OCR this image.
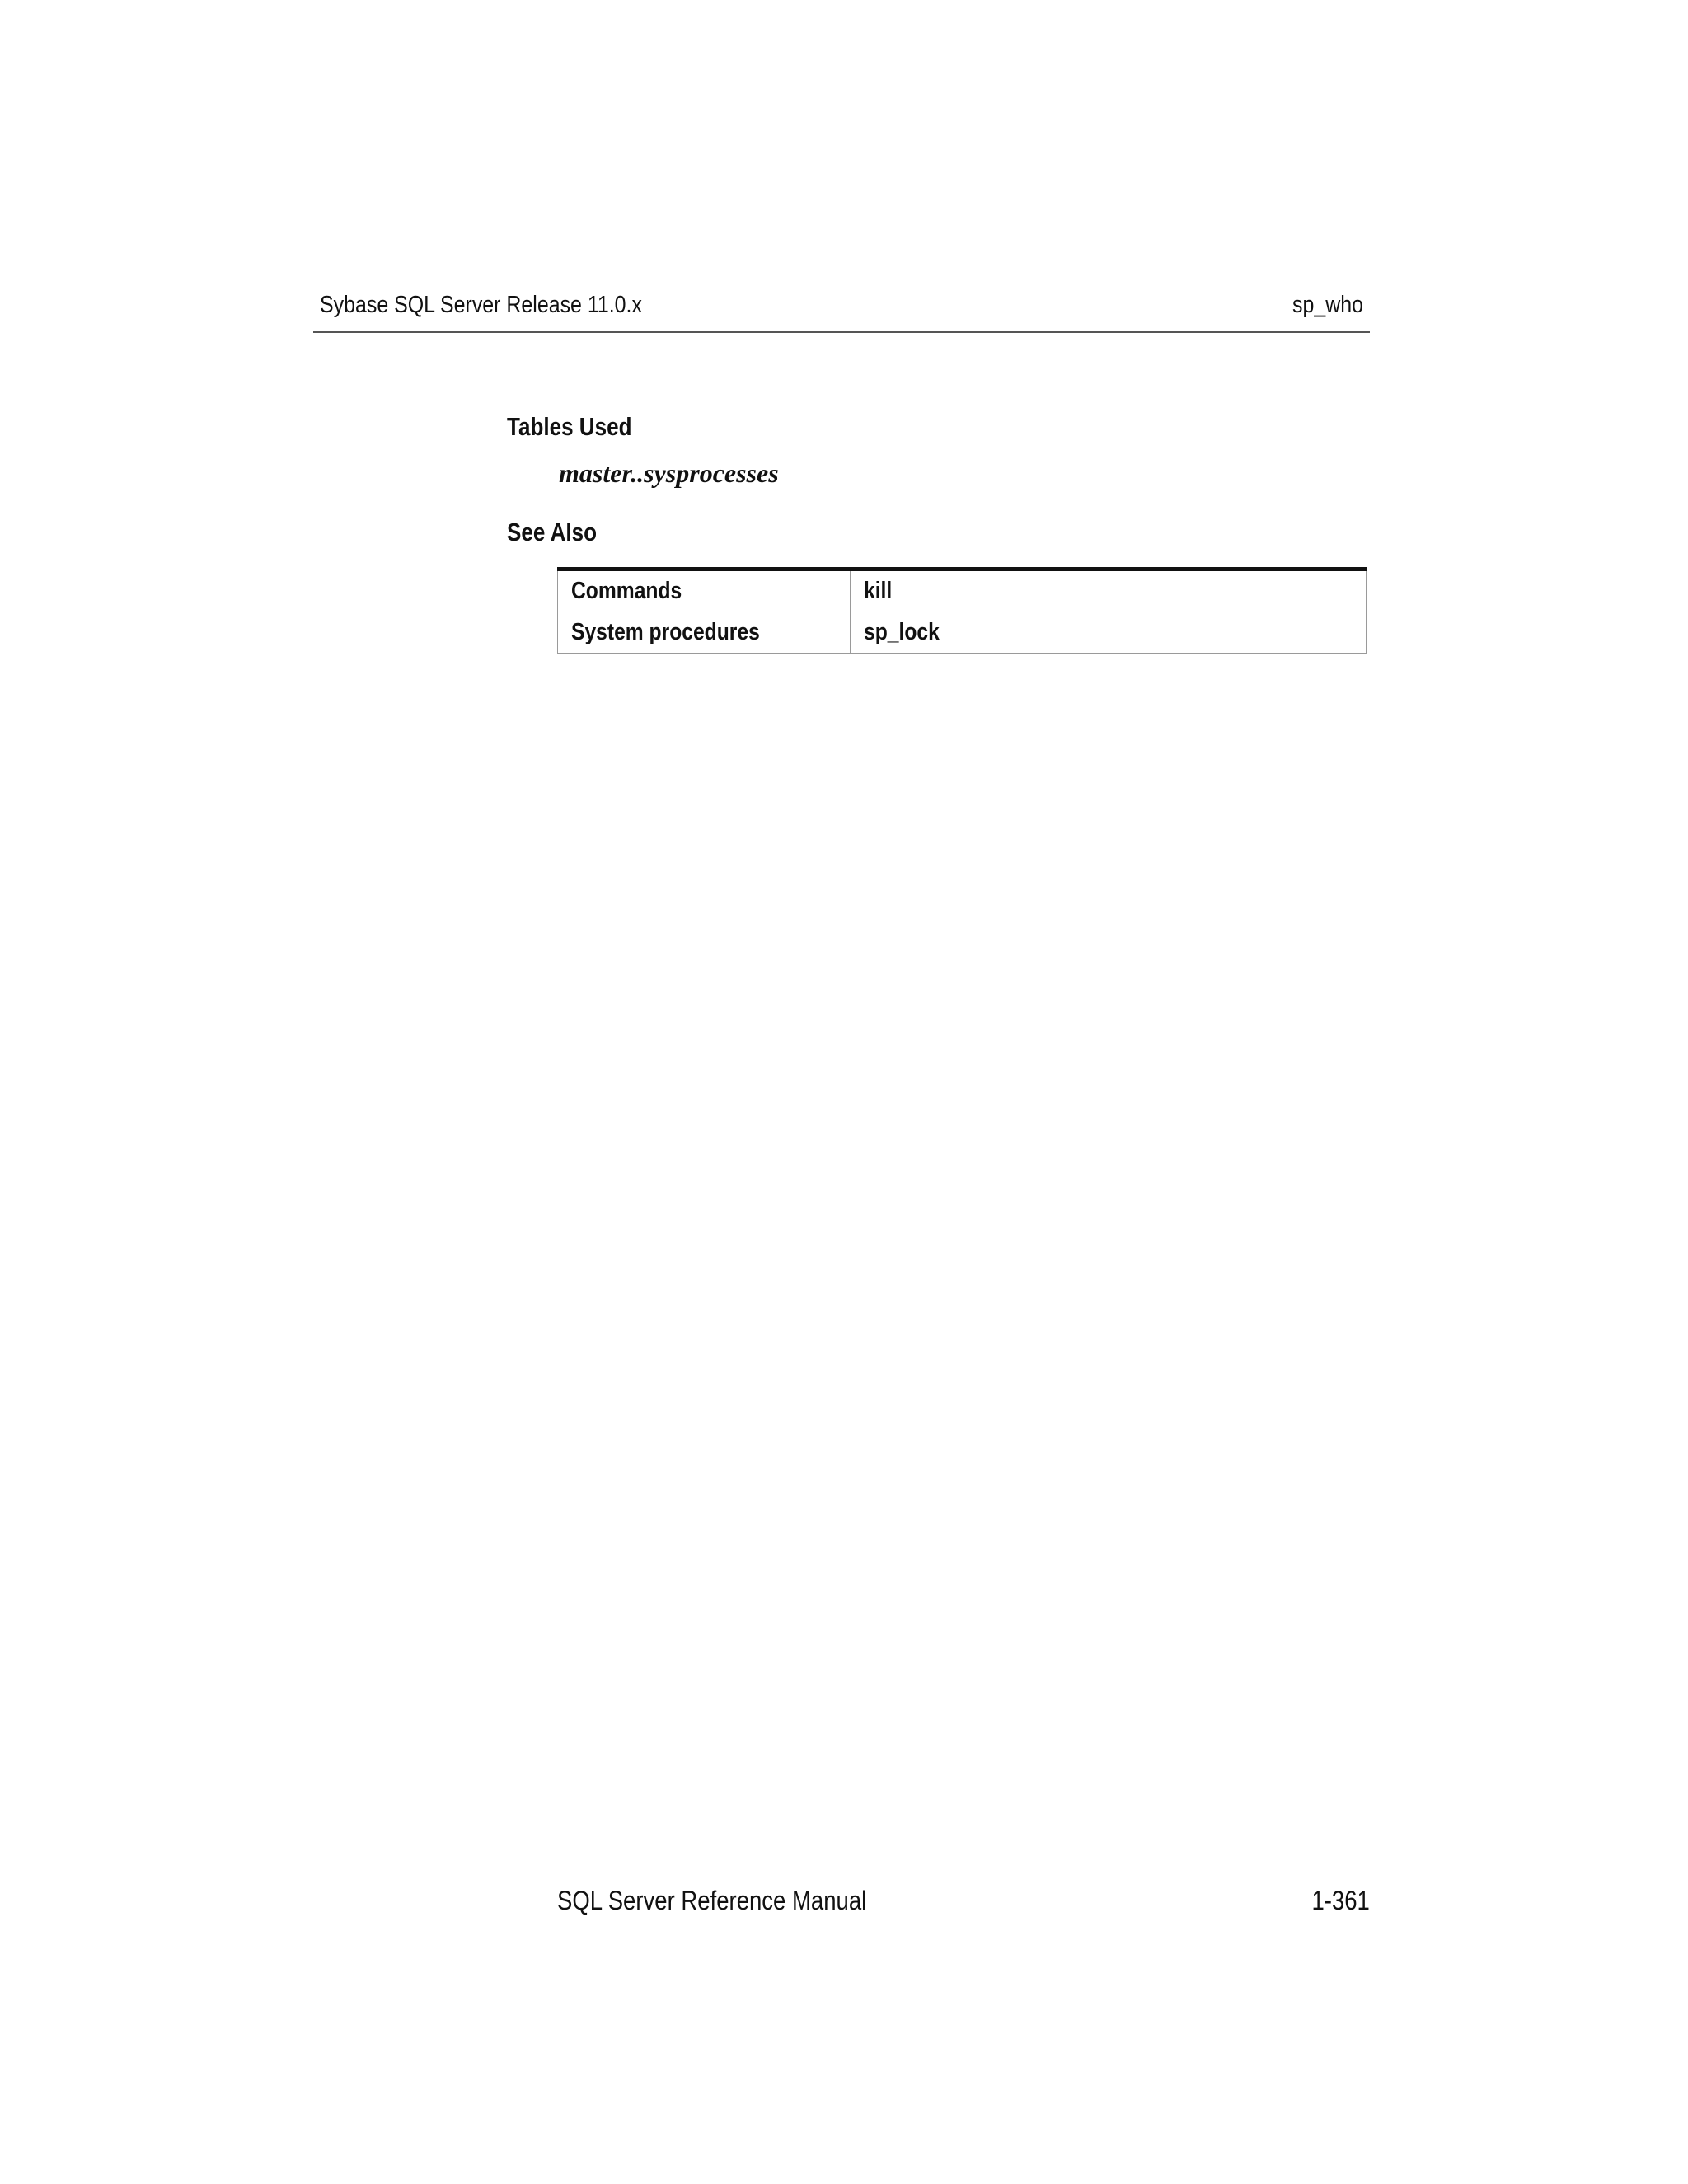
Sybase SQL Server Release 11.0.x	sp_who
Tables Used
master..sysprocesses
See Also
Commands	kill
System procedures	sp_lock
SQL Server Reference Manual	1-361
